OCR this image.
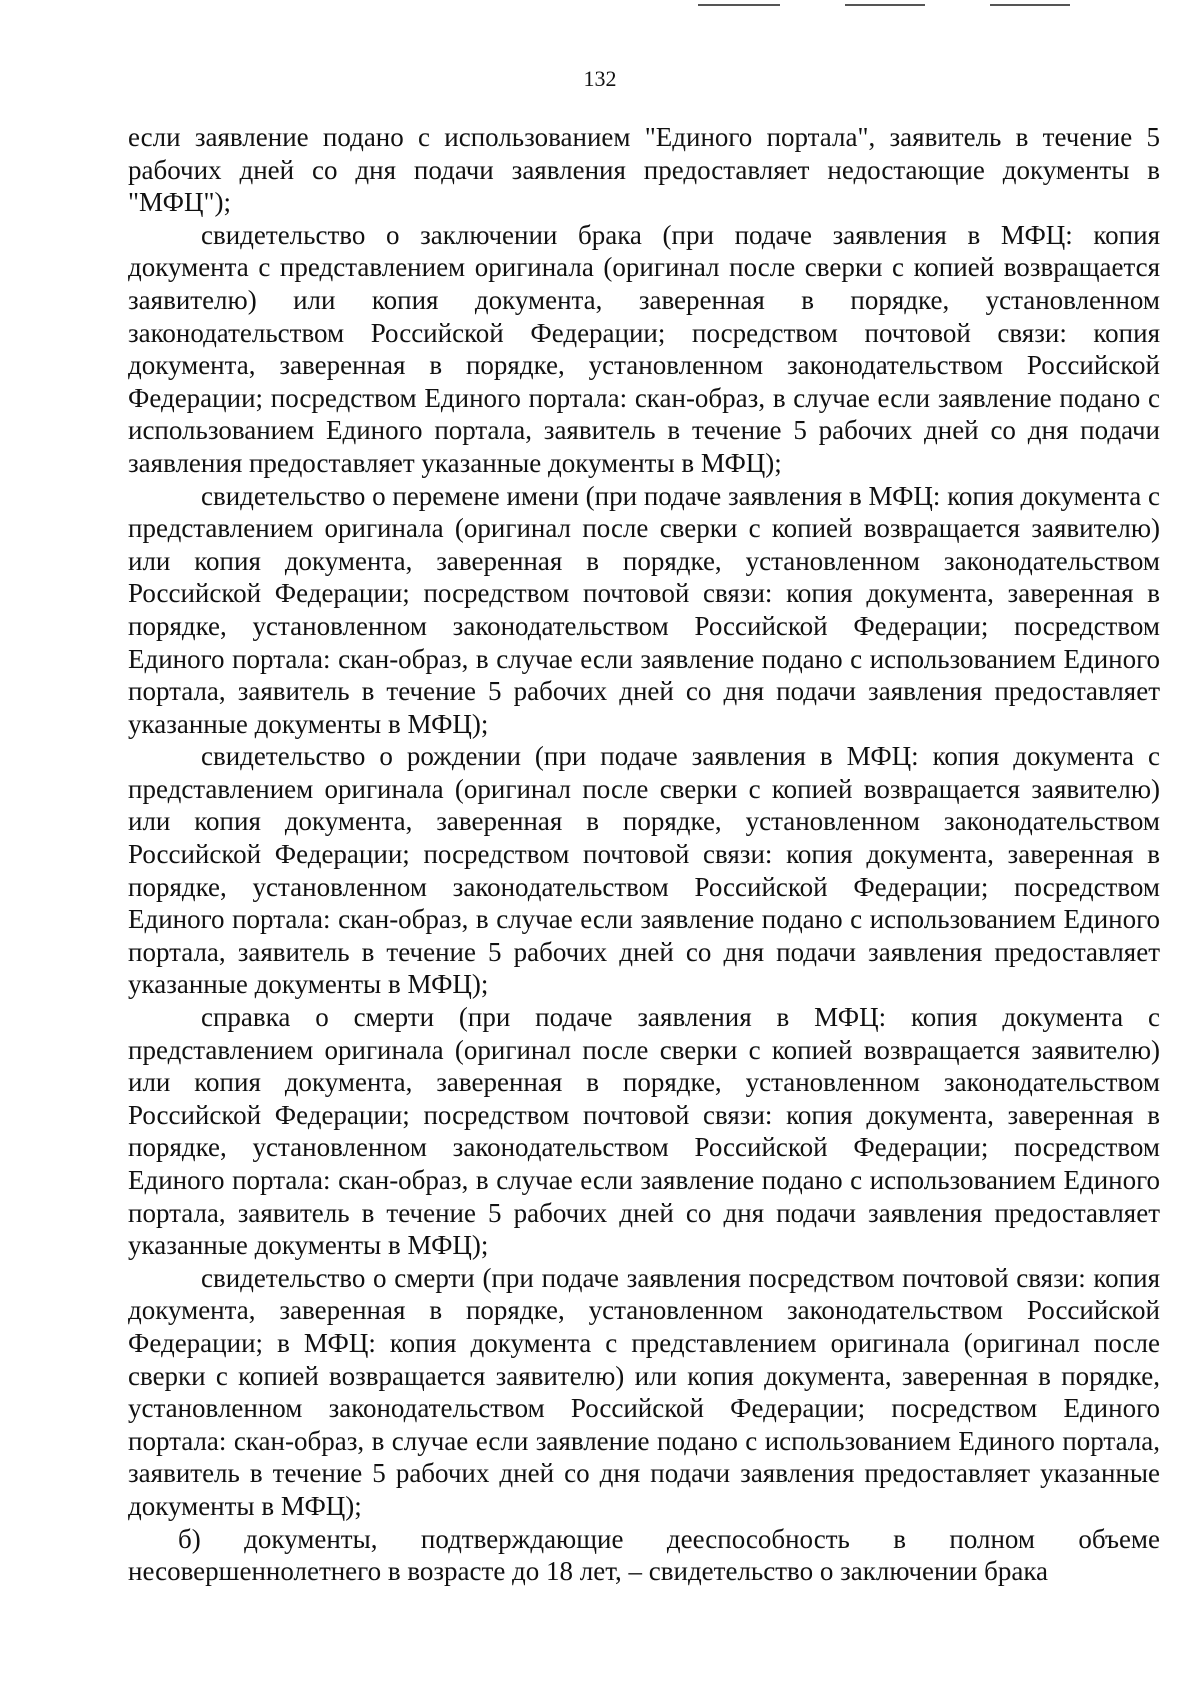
132

если заявление подано с использованием "Единого портала", заявитель в течение 5 рабочих дней со дня подачи заявления предоставляет недостающие документы в "МФЦ");

свидетельство о заключении брака (при подаче заявления в МФЦ: копия документа с представлением оригинала (оригинал после сверки с копией возвращается заявителю) или копия документа, заверенная в порядке, установленном законодательством Российской Федерации; посредством почтовой связи: копия документа, заверенная в порядке, установленном законодательством Российской Федерации; посредством Единого портала: скан-образ, в случае если заявление подано с использованием Единого портала, заявитель в течение 5 рабочих дней со дня подачи заявления предоставляет указанные документы в МФЦ);

свидетельство о перемене имени (при подаче заявления в МФЦ: копия документа с представлением оригинала (оригинал после сверки с копией возвращается заявителю) или копия документа, заверенная в порядке, установленном законодательством Российской Федерации; посредством почтовой связи: копия документа, заверенная в порядке, установленном законодательством Российской Федерации; посредством Единого портала: скан-образ, в случае если заявление подано с использованием Единого портала, заявитель в течение 5 рабочих дней со дня подачи заявления предоставляет указанные документы в МФЦ);

свидетельство о рождении (при подаче заявления в МФЦ: копия документа с представлением оригинала (оригинал после сверки с копией возвращается заявителю) или копия документа, заверенная в порядке, установленном законодательством Российской Федерации; посредством почтовой связи: копия документа, заверенная в порядке, установленном законодательством Российской Федерации; посредством Единого портала: скан-образ, в случае если заявление подано с использованием Единого портала, заявитель в течение 5 рабочих дней со дня подачи заявления предоставляет указанные документы в МФЦ);

справка о смерти (при подаче заявления в МФЦ: копия документа с представлением оригинала (оригинал после сверки с копией возвращается заявителю) или копия документа, заверенная в порядке, установленном законодательством Российской Федерации; посредством почтовой связи: копия документа, заверенная в порядке, установленном законодательством Российской Федерации; посредством Единого портала: скан-образ, в случае если заявление подано с использованием Единого портала, заявитель в течение 5 рабочих дней со дня подачи заявления предоставляет указанные документы в МФЦ);

свидетельство о смерти (при подаче заявления посредством почтовой связи: копия документа, заверенная в порядке, установленном законодательством Российской Федерации; в МФЦ: копия документа с представлением оригинала (оригинал после сверки с копией возвращается заявителю) или копия документа, заверенная в порядке, установленном законодательством Российской Федерации; посредством Единого портала: скан-образ, в случае если заявление подано с использованием Единого портала, заявитель в течение 5 рабочих дней со дня подачи заявления предоставляет указанные документы в МФЦ);

б) документы, подтверждающие дееспособность в полном объеме несовершеннолетнего в возрасте до 18 лет, – свидетельство о заключении брака
